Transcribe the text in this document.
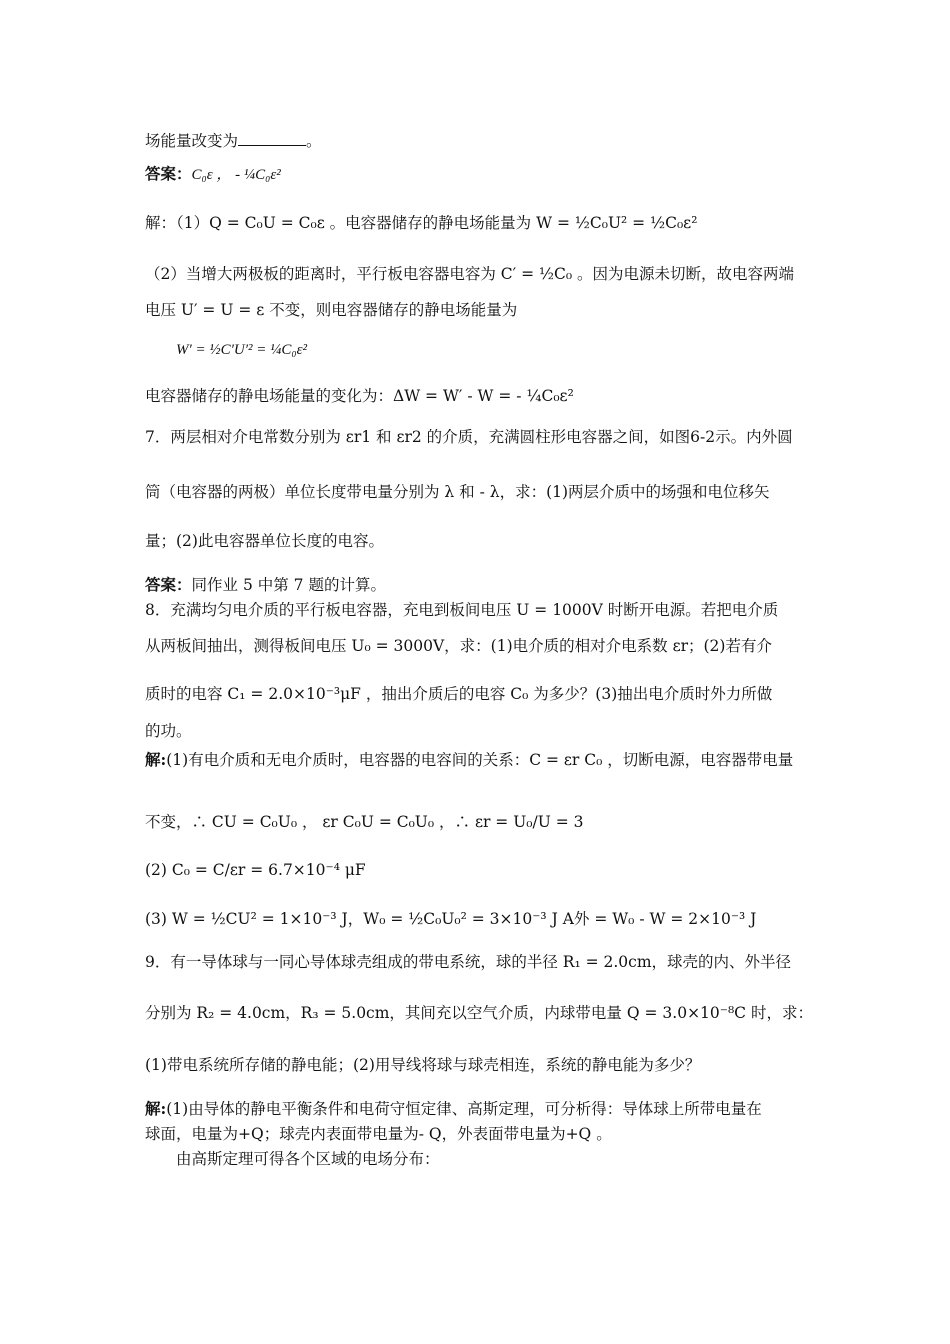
场能量改变为	。
答案：C₀ε ， - ¼C₀ε²
解：（1）Q = C₀U = C₀ε 。电容器储存的静电场能量为 W = ½C₀U² = ½C₀ε²
（2）当增大两极板的距离时，平行板电容器电容为 C′ = ½C₀ 。因为电源未切断，故电容两端
电压 U′ = U = ε 不变，则电容器储存的静电场能量为
W′ = ½C′U′² = ¼C₀ε²
电容器储存的静电场能量的变化为：ΔW = W′ - W = - ¼C₀ε²
7．两层相对介电常数分别为 εr1 和 εr2 的介质，充满圆柱形电容器之间，如图6-2示。内外圆
筒（电容器的两极）单位长度带电量分别为 λ 和 - λ，求：(1)两层介质中的场强和电位移矢
量；(2)此电容器单位长度的电容。
答案：同作业 5 中第 7 题的计算。
8．充满均匀电介质的平行板电容器，充电到板间电压 U = 1000V 时断开电源。若把电介质
从两板间抽出，测得板间电压 U₀ = 3000V，求：(1)电介质的相对介电系数 εr；(2)若有介
质时的电容 C₁ = 2.0×10⁻³μF ，抽出介质后的电容 C₀ 为多少？(3)抽出电介质时外力所做
的功。
解:(1)有电介质和无电介质时，电容器的电容间的关系：C = εr C₀ ，切断电源，电容器带电量
不变，∴ CU = C₀U₀ ， εr C₀U = C₀U₀ ，∴ εr = U₀/U = 3
(2) C₀ = C/εr = 6.7×10⁻⁴ μF
(3) W = ½CU² = 1×10⁻³ J，W₀ = ½C₀U₀² = 3×10⁻³ J A外 = W₀ - W = 2×10⁻³ J
9．有一导体球与一同心导体球壳组成的带电系统，球的半径 R₁ = 2.0cm，球壳的内、外半径
分别为 R₂ = 4.0cm，R₃ = 5.0cm，其间充以空气介质，内球带电量 Q = 3.0×10⁻⁸C 时，求：
(1)带电系统所存储的静电能；(2)用导线将球与球壳相连，系统的静电能为多少？
解:(1)由导体的静电平衡条件和电荷守恒定律、高斯定理，可分析得：导体球上所带电量在
球面，电量为+Q；球壳内表面带电量为- Q，外表面带电量为+Q 。
由高斯定理可得各个区域的电场分布：
